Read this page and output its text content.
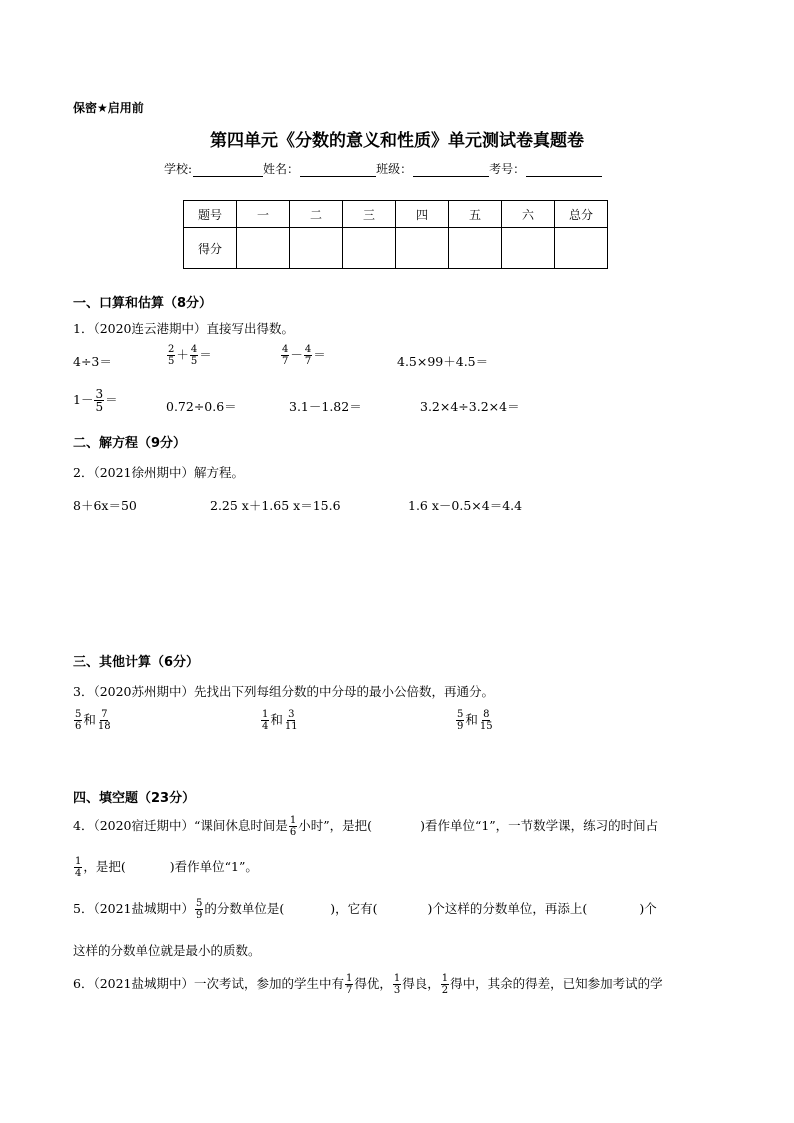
保密★启用前
第四单元《分数的意义和性质》单元测试卷真题卷
学校:	姓名：	班级：	考号：
题号	一	二	三	四	五	六	总分
得分							
一、口算和估算（8分）
1．（2020连云港期中）直接写出得数。
4÷3＝	$\frac{2}{5} + \frac{4}{5}$ ＝	$\frac{4}{7} - \frac{4}{7}$ ＝	4.5×99＋4.5＝
$1- \frac{3}{5}$ ＝	0.72÷0.6＝	3.1－1.82＝	3.2×4÷3.2×4＝
二、解方程（9分）
2．（2021徐州期中）解方程。
8＋6x＝50	2.25 x＋1.65 x＝15.6	1.6 x－0.5×4＝4.4
三、其他计算（6分）
3．（2020苏州期中）先找出下列每组分数的中分母的最小公倍数，再通分。
$\frac{5}{6}$ 和 $\frac{7}{18}$	$\frac{1}{4}$ 和 $\frac{3}{11}$	$\frac{5}{9}$ 和 $\frac{8}{15}$
四、填空题（23分）
4．（2020宿迁期中）“课间休息时间是 $\frac{1}{6}$ 小时”，是把(	)看作单位“1”，一节数学课，练习的时间占
$\frac{1}{4}$ ，是把(	)看作单位“1”。
5．（2021盐城期中） $\frac{5}{9}$ 的分数单位是(	)，它有(	)个这样的分数单位，再添上(	)个
这样的分数单位就是最小的质数。
6．（2021盐城期中）一次考试，参加的学生中有 $\frac{1}{7}$ 得优， $\frac{1}{3}$ 得良， $\frac{1}{2}$ 得中，其余的得差，已知参加考试的学
